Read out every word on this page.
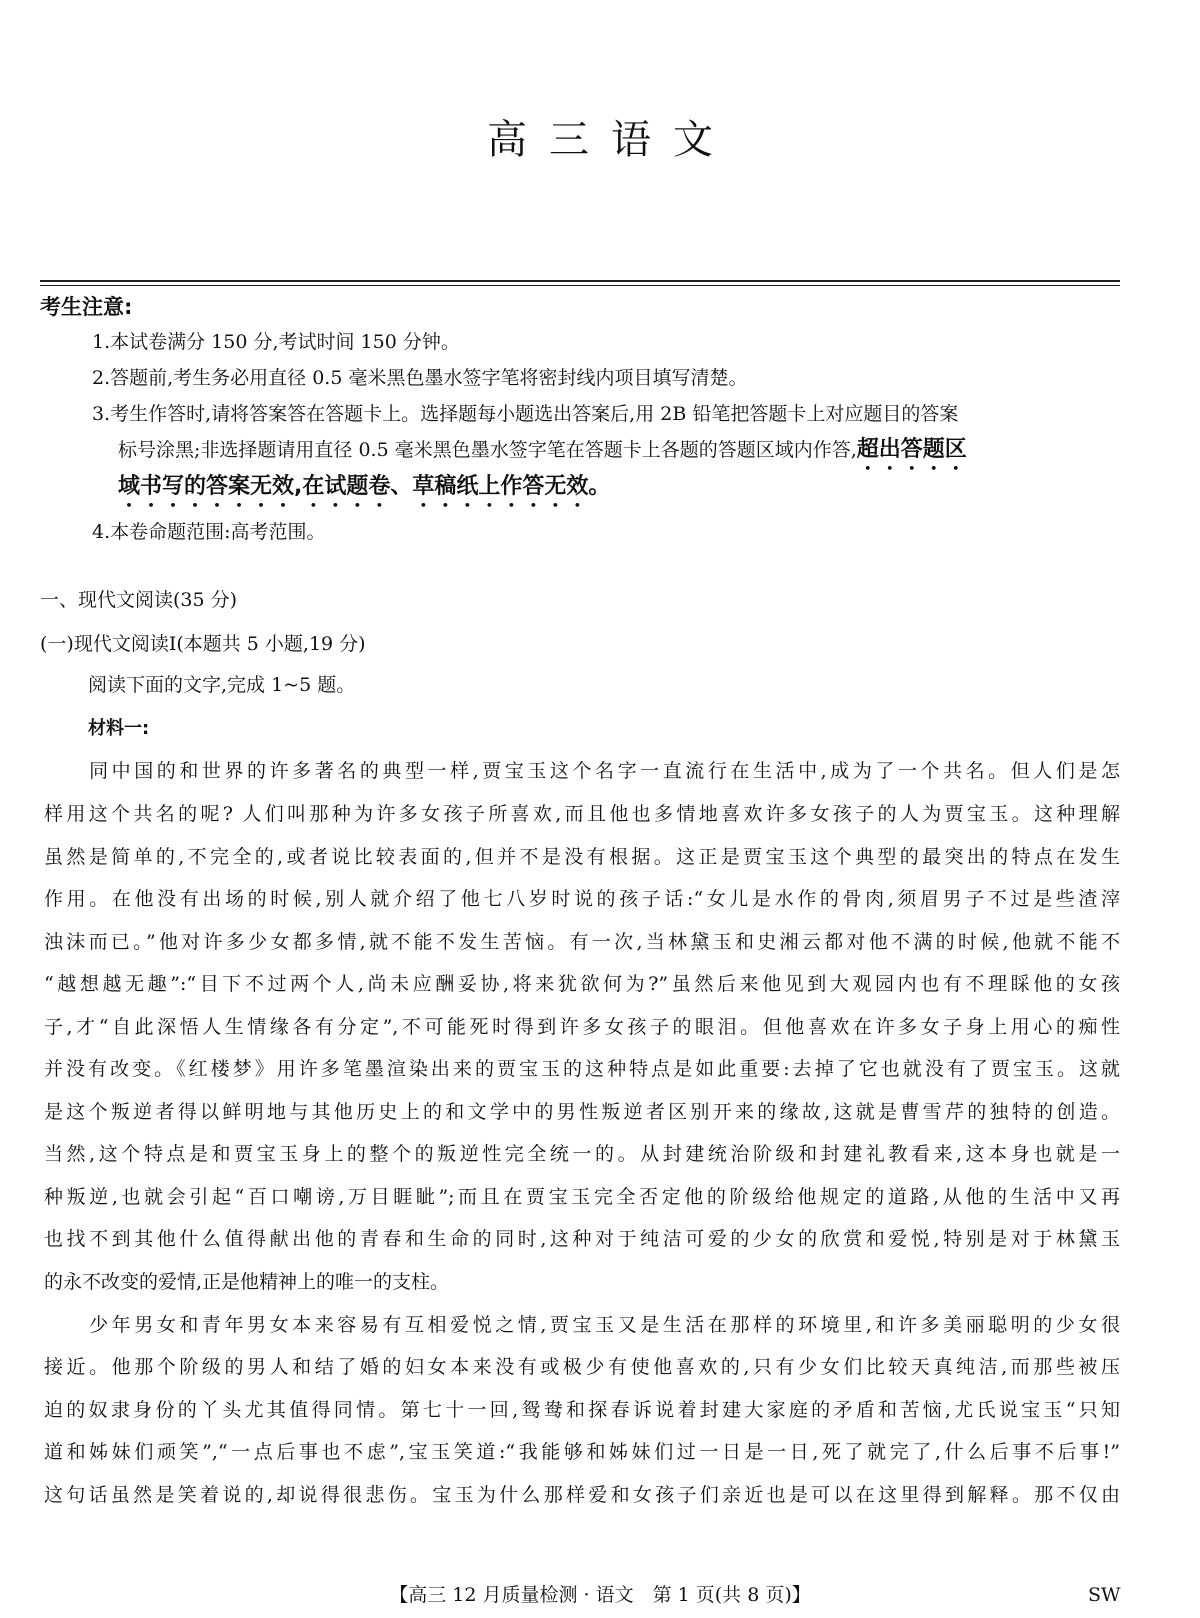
高三语文
考生注意:
1.本试卷满分 150 分,考试时间 150 分钟。
2.答题前,考生务必用直径 0.5 毫米黑色墨水签字笔将密封线内项目填写清楚。
3.考生作答时,请将答案答在答题卡上。选择题每小题选出答案后,用 2B 铅笔把答题卡上对应题目的答案
标号涂黑;非选择题请用直径 0.5 毫米黑色墨水签字笔在答题卡上各题的答题区域内作答,超出答题区
域书写的答案无效,在试题卷、草稿纸上作答无效。
4.本卷命题范围:高考范围。
一、现代文阅读(35 分)
(一)现代文阅读Ⅰ(本题共 5 小题,19 分)
阅读下面的文字,完成 1~5 题。
材料一:
　　同中国的和世界的许多著名的典型一样,贾宝玉这个名字一直流行在生活中,成为了一个共名。但人们是怎
样用这个共名的呢? 人们叫那种为许多女孩子所喜欢,而且他也多情地喜欢许多女孩子的人为贾宝玉。这种理解
虽然是简单的,不完全的,或者说比较表面的,但并不是没有根据。这正是贾宝玉这个典型的最突出的特点在发生
作用。在他没有出场的时候,别人就介绍了他七八岁时说的孩子话:“女儿是水作的骨肉,须眉男子不过是些渣滓
浊沫而已。”他对许多少女都多情,就不能不发生苦恼。有一次,当林黛玉和史湘云都对他不满的时候,他就不能不
“越想越无趣”:“目下不过两个人,尚未应酬妥协,将来犹欲何为?”虽然后来他见到大观园内也有不理睬他的女孩
子,才“自此深悟人生情缘各有分定”,不可能死时得到许多女孩子的眼泪。但他喜欢在许多女子身上用心的痴性
并没有改变。《红楼梦》用许多笔墨渲染出来的贾宝玉的这种特点是如此重要:去掉了它也就没有了贾宝玉。这就
是这个叛逆者得以鲜明地与其他历史上的和文学中的男性叛逆者区别开来的缘故,这就是曹雪芹的独特的创造。
当然,这个特点是和贾宝玉身上的整个的叛逆性完全统一的。从封建统治阶级和封建礼教看来,这本身也就是一
种叛逆,也就会引起“百口嘲谤,万目睚眦”;而且在贾宝玉完全否定他的阶级给他规定的道路,从他的生活中又再
也找不到其他什么值得献出他的青春和生命的同时,这种对于纯洁可爱的少女的欣赏和爱悦,特别是对于林黛玉
的永不改变的爱情,正是他精神上的唯一的支柱。
　　少年男女和青年男女本来容易有互相爱悦之情,贾宝玉又是生活在那样的环境里,和许多美丽聪明的少女很
接近。他那个阶级的男人和结了婚的妇女本来没有或极少有使他喜欢的,只有少女们比较天真纯洁,而那些被压
迫的奴隶身份的丫头尤其值得同情。第七十一回,鸳鸯和探春诉说着封建大家庭的矛盾和苦恼,尤氏说宝玉“只知
道和姊妹们顽笑”,“一点后事也不虑”,宝玉笑道:“我能够和姊妹们过一日是一日,死了就完了,什么后事不后事!”
这句话虽然是笑着说的,却说得很悲伤。宝玉为什么那样爱和女孩子们亲近也是可以在这里得到解释。那不仅由
【高三 12 月质量检测 · 语文　第 1 页(共 8 页)】	SW
